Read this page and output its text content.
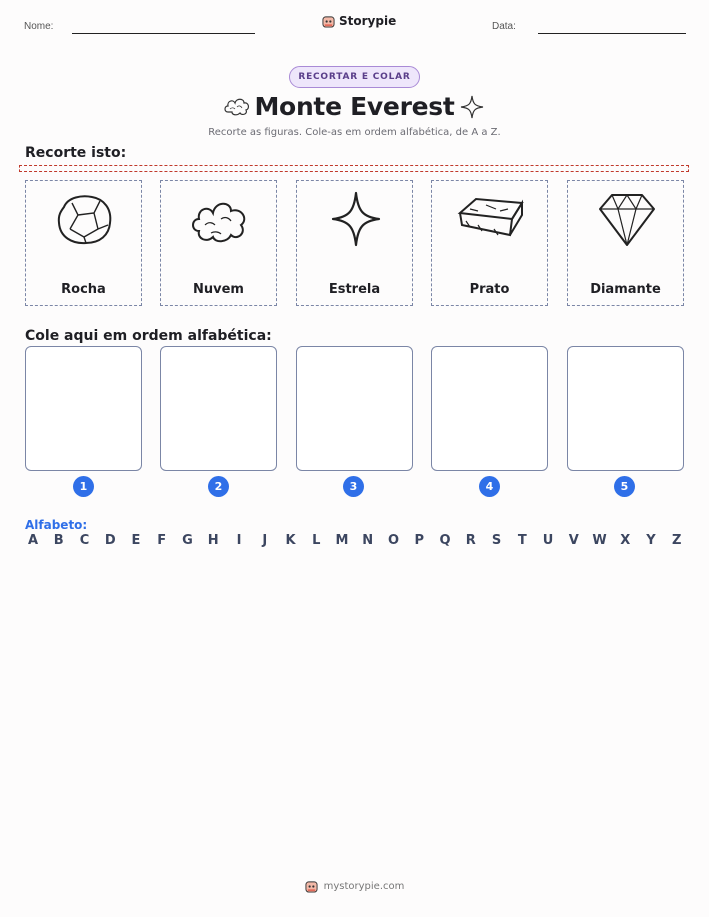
Nome:	Storypie	Data:
RECORTAR E COLAR
Monte Everest
Recorte as figuras. Cole-as em ordem alfabética, de A a Z.
Recorte isto:
Rocha	Nuvem	Estrela	Prato	Diamante
Cole aqui em ordem alfabética:
1	2	3	4	5
Alfabeto:
A B C D E F G H	I	J	K L M N O P Q R S T U V W X Y Z
mystorypie.com
